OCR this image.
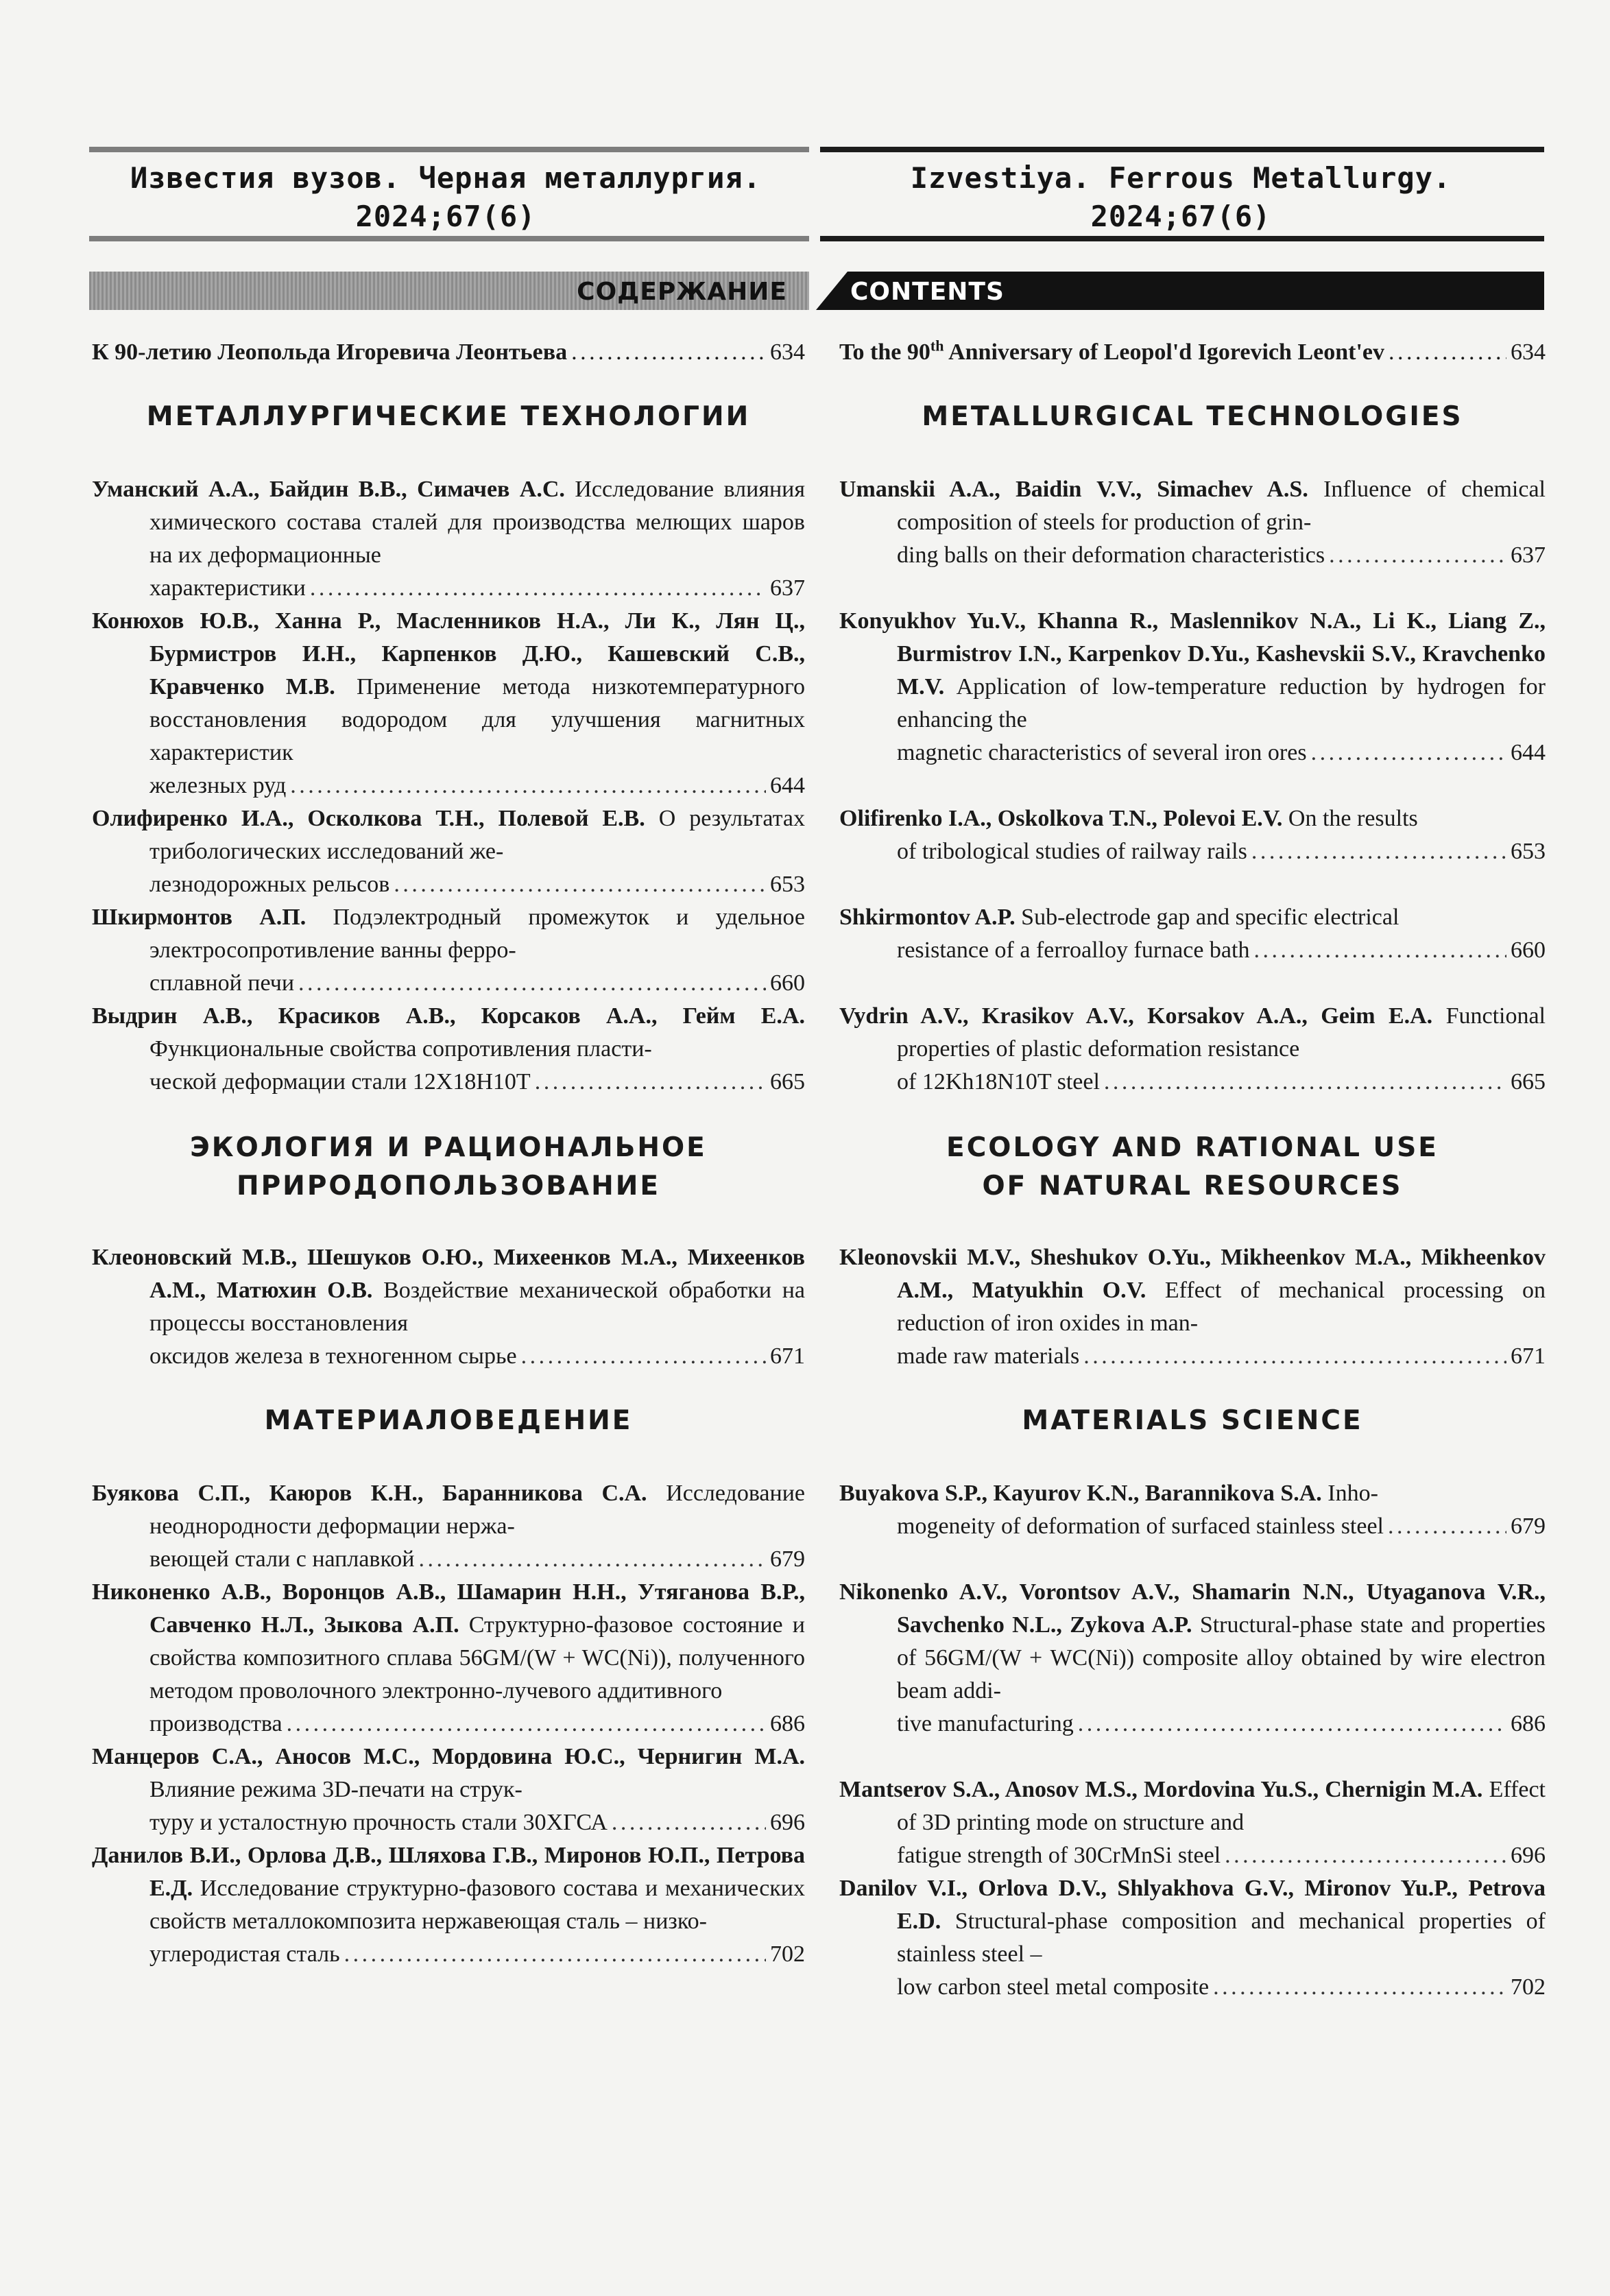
Известия вузов. Черная металлургия.
2024;67(6)
Izvestiya. Ferrous Metallurgy.
2024;67(6)
СОДЕРЖАНИЕ	CONTENTS
К 90-летию Леопольда Игоревича Леонтьева . . .	634
МЕТАЛЛУРГИЧЕСКИЕ ТЕХНОЛОГИИ
Уманский А.А., Байдин В.В., Симачев А.С. Исследование влияния химического состава сталей для производства мелющих шаров на их деформационные
характеристики . . .	637
Конюхов Ю.В., Ханна Р., Масленников Н.А., Ли К., Лян Ц., Бурмистров И.Н., Карпенков Д.Ю., Кашевский С.В., Кравченко М.В. Применение метода низкотемпературного восстановления водородом для улучшения магнитных характеристик
железных руд . . .	644
Олифиренко И.А., Осколкова Т.Н., Полевой Е.В. О результатах трибологических исследований же-
лезнодорожных рельсов . . .	653
Шкирмонтов А.П. Подэлектродный промежуток и удельное электросопротивление ванны ферро-
сплавной печи . . .	660
Выдрин А.В., Красиков А.В., Корсаков А.А., Гейм Е.А. Функциональные свойства сопротивления пласти-
ческой деформации стали 12Х18Н10Т . . .	665
ЭКОЛОГИЯ И РАЦИОНАЛЬНОЕ
ПРИРОДОПОЛЬЗОВАНИЕ
Клеоновский М.В., Шешуков О.Ю., Михеенков М.А., Михеенков А.М., Матюхин О.В. Воздействие механической обработки на процессы восстановления
оксидов железа в техногенном сырье . . .	671
МАТЕРИАЛОВЕДЕНИЕ
Буякова С.П., Каюров К.Н., Баранникова С.А. Исследование неоднородности деформации нержа-
веющей стали с наплавкой . . .	679
Никоненко А.В., Воронцов А.В., Шамарин Н.Н., Утяганова В.Р., Савченко Н.Л., Зыкова А.П. Структурно-фазовое состояние и свойства композитного сплава 56GM/(W + WC(Ni)), полученного методом проволочного электронно-лучевого аддитивного
производства . . .	686
Манцеров С.А., Аносов М.С., Мордовина Ю.С., Чернигин М.А. Влияние режима 3D-печати на струк-
туру и усталостную прочность стали 30ХГСА . . .	696
Данилов В.И., Орлова Д.В., Шляхова Г.В., Миронов Ю.П., Петрова Е.Д. Исследование структурно-фазового состава и механических свойств металлокомпозита нержавеющая сталь – низко-
углеродистая сталь . . .	702
To the 90th Anniversary of Leopol'd Igorevich Leont'ev . . .	634
METALLURGICAL TECHNOLOGIES
Umanskii A.A., Baidin V.V., Simachev A.S. Influence of chemical composition of steels for production of grin-
ding balls on their deformation characteristics . . .	637
Konyukhov Yu.V., Khanna R., Maslennikov N.A., Li K., Liang Z., Burmistrov I.N., Karpenkov D.Yu., Kashevskii S.V., Kravchenko M.V. Application of low-temperature reduction by hydrogen for enhancing the
magnetic characteristics of several iron ores . . .	644
Olifirenko I.A., Oskolkova T.N., Polevoi E.V. On the results
of tribological studies of railway rails . . .	653
Shkirmontov A.P. Sub-electrode gap and specific electrical
resistance of a ferroalloy furnace bath . . .	660
Vydrin A.V., Krasikov A.V., Korsakov A.A., Geim E.A. Functional properties of plastic deformation resistance
of 12Kh18N10T steel . . .	665
ECOLOGY AND RATIONAL USE
OF NATURAL RESOURCES
Kleonovskii M.V., Sheshukov O.Yu., Mikheenkov M.A., Mikheenkov A.M., Matyukhin O.V. Effect of mechanical processing on reduction of iron oxides in man-
made raw materials . . .	671
MATERIALS SCIENCE
Buyakova S.P., Kayurov K.N., Barannikova S.A. Inho-
mogeneity of deformation of surfaced stainless steel . . .	679
Nikonenko A.V., Vorontsov A.V., Shamarin N.N., Utyaganova V.R., Savchenko N.L., Zykova A.P. Structural-phase state and properties of 56GM/(W + WC(Ni)) composite alloy obtained by wire electron beam addi-
tive manufacturing . . .	686
Mantserov S.A., Anosov M.S., Mordovina Yu.S., Chernigin M.A. Effect of 3D printing mode on structure and
fatigue strength of 30CrMnSi steel . . .	696
Danilov V.I., Orlova D.V., Shlyakhova G.V., Mironov Yu.P., Petrova E.D. Structural-phase composition and mechanical properties of stainless steel –
low carbon steel metal composite . . .	702
